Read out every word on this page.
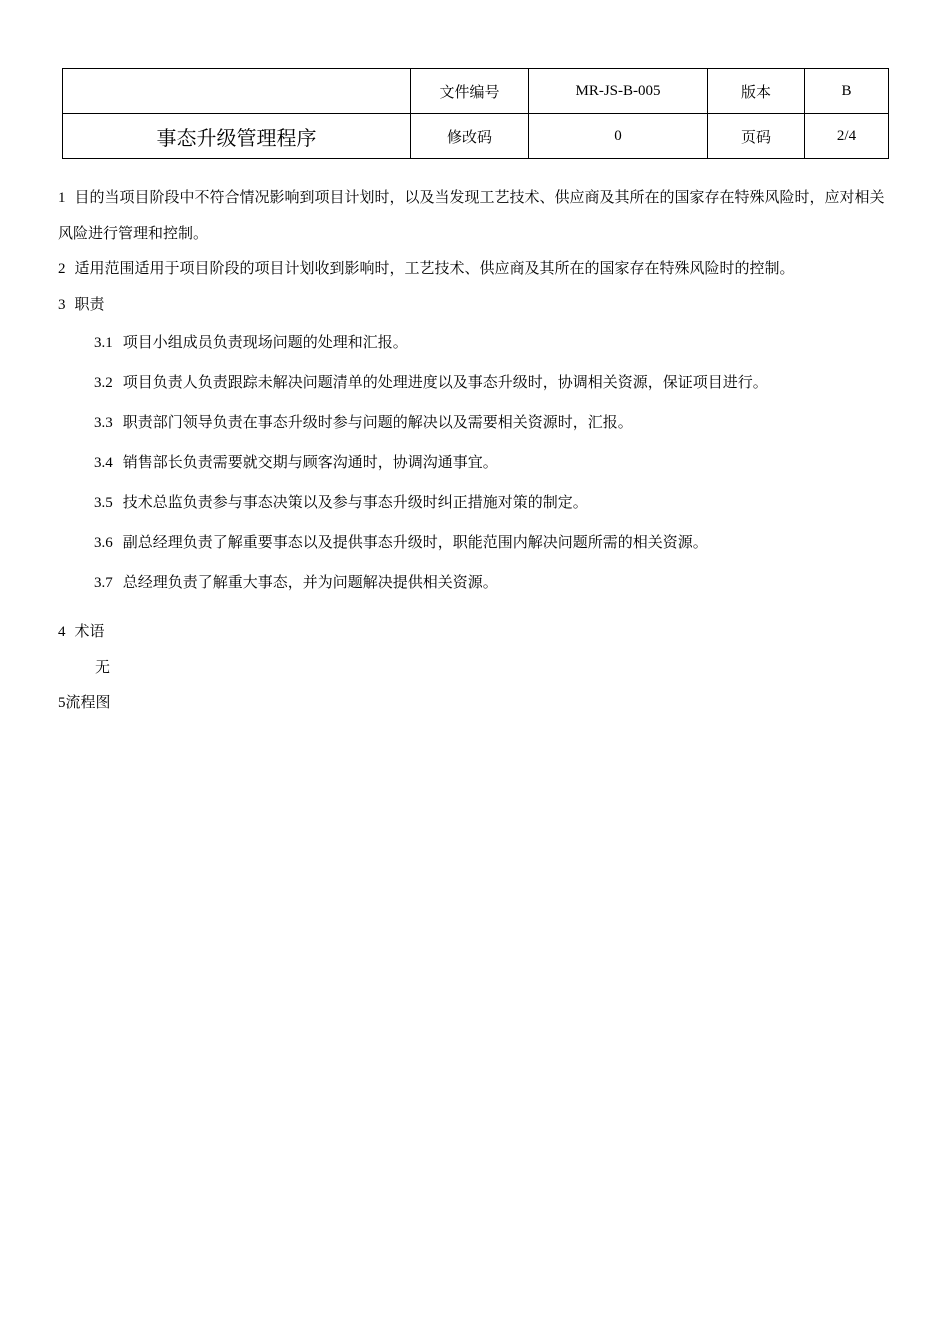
	文件编号	MR-JS-B-005	版本	B
事态升级管理程序	修改码	0	页码	2/4

1 目的当项目阶段中不符合情况影响到项目计划时，以及当发现工艺技术、供应商及其所在的国家存在特殊风险时，应对相关风险进行管理和控制。

2 适用范围适用于项目阶段的项目计划收到影响时，工艺技术、供应商及其所在的国家存在特殊风险时的控制。

3 职责

3.1 项目小组成员负责现场问题的处理和汇报。

3.2 项目负责人负责跟踪未解决问题清单的处理进度以及事态升级时，协调相关资源，保证项目进行。

3.3 职责部门领导负责在事态升级时参与问题的解决以及需要相关资源时，汇报。

3.4 销售部长负责需要就交期与顾客沟通时，协调沟通事宜。

3.5 技术总监负责参与事态决策以及参与事态升级时纠正措施对策的制定。

3.6 副总经理负责了解重要事态以及提供事态升级时，职能范围内解决问题所需的相关资源。

3.7 总经理负责了解重大事态，并为问题解决提供相关资源。

4 术语

无

5流程图
